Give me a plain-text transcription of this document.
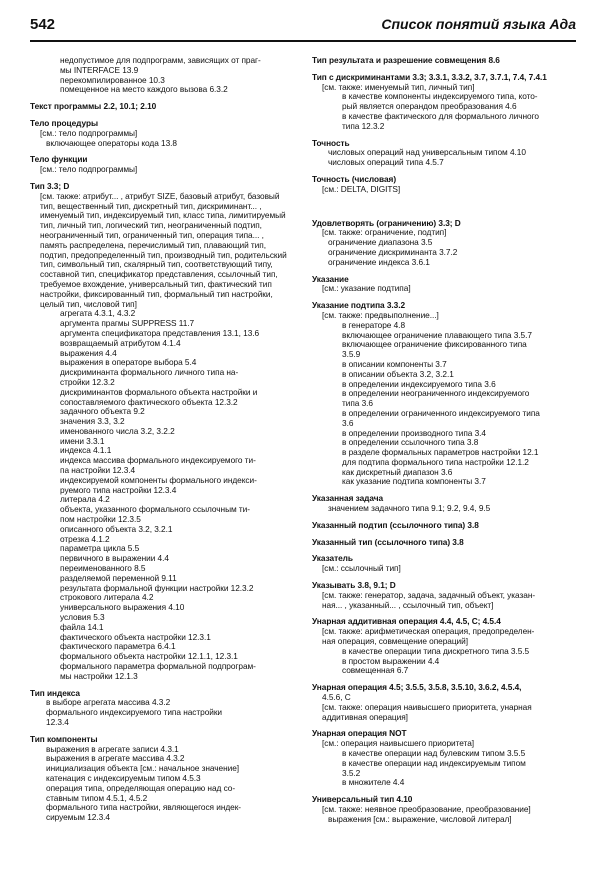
542	Список понятий языка Ада
недопустимое для подпрограмм, зависящих от праг-
мы INTERFACE 13.9
перекомпилированное 10.3
помещенное на место каждого вызова 6.3.2
Текст программы 2.2, 10.1; 2.10
Тело процедуры
[см.: тело подпрограммы]
включающее операторы кода 13.8
Тело функции
[см.: тело подпрограммы]
Тип 3.3; D
[см. также: атрибут... , атрибут SIZE, базовый атрибут, базовый тип, вещественный тип, дискретный тип, дискриминант... , именуемый тип, индексируемый тип, класс типа, лимитируемый тип, личный тип, логический тип, неограниченный подтип, неограниченный тип, ограниченный тип, операция типа... , память распределена, перечислимый тип, плавающий тип, подтип, предопределенный тип, производный тип, родительский тип, символьный тип, скалярный тип, соответствующий типу, составной тип, спецификатор представления, ссылочный тип, требуемое вхождение, универсальный тип, фактический тип настройки, фиксированный тип, формальный тип настройки, целый тип, числовой тип]
агрегата 4.3.1, 4.3.2
аргумента прагмы SUPPRESS 11.7
аргумента спецификатора представления 13.1, 13.6
возвращаемый атрибутом 4.1.4
выражения 4.4
выражения в операторе выбора 5.4
дискриминанта формального личного типа на-
стройки 12.3.2
дискриминантов формального объекта настройки и
сопоставляемого фактического объекта 12.3.2
задачного объекта 9.2
значения 3.3, 3.2
именованного числа 3.2, 3.2.2
имени 3.3.1
индекса 4.1.1
индекса массива формального индексируемого ти-
па настройки 12.3.4
индексируемой компоненты формального индекси-
руемого типа настройки 12.3.4
литерала 4.2
объекта, указанного формального ссылочным ти-
пом настройки 12.3.5
описанного объекта 3.2, 3.2.1
отрезка 4.1.2
параметра цикла 5.5
первичного в выражении 4.4
переименованного 8.5
разделяемой переменной 9.11
результата формальной функции настройки 12.3.2
строкового литерала 4.2
универсального выражения 4.10
условия 5.3
файла 14.1
фактического объекта настройки 12.3.1
фактического параметра 6.4.1
формального объекта настройки 12.1.1, 12.3.1
формального параметра формальной подпрограм-
мы настройки 12.1.3
Тип индекса
в выборе агрегата массива 4.3.2
формального индексируемого типа настройки
12.3.4
Тип компоненты
выражения в агрегате записи 4.3.1
выражения в агрегате массива 4.3.2
инициализация объекта [см.: начальное значение]
катенация с индексируемым типом 4.5.3
операция типа, определяющая операцию над со-
ставным типом 4.5.1, 4.5.2
формального типа настройки, являющегося индек-
сируемым 12.3.4
Тип результата и разрешение совмещения 8.6
Тип с дискриминантами 3.3; 3.3.1, 3.3.2, 3.7, 3.7.1, 7.4, 7.4.1
[см. также: именуемый тип, личный тип]
в качестве компоненты индексируемого типа, кото-
рый является операндом преобразования 4.6
в качестве фактического для формального личного
типа 12.3.2
Точность
числовых операций над универсальным типом 4.10
числовых операций типа 4.5.7
Точность (числовая)
[см.: DELTA, DIGITS]
Удовлетворять (ограничению) 3.3; D
[см. также: ограничение, подтип]
ограничение диапазона 3.5
ограничение дискриминанта 3.7.2
ограничение индекса 3.6.1
Указание
[см.: указание подтипа]
Указание подтипа 3.3.2
[см. также: предвыполнение...]
в генераторе 4.8
включающее ограничение плавающего типа 3.5.7
включающее ограничение фиксированного типа
3.5.9
в описании компоненты 3.7
в описании объекта 3.2, 3.2.1
в определении индексируемого типа 3.6
в определении неограниченного индексируемого
типа 3.6
в определении ограниченного индексируемого типа
3.6
в определении производного типа 3.4
в определении ссылочного типа 3.8
в разделе формальных параметров настройки 12.1
для подтипа формального типа настройки 12.1.2
как дискретный диапазон 3.6
как указание подтипа компоненты 3.7
Указанная задача
значением задачного типа 9.1; 9.2, 9.4, 9.5
Указанный подтип (ссылочного типа) 3.8
Указанный тип (ссылочного типа) 3.8
Указатель
[см.: ссылочный тип]
Указывать 3.8, 9.1; D
[см. также: генератор, задача, задачный объект, указан-
ная... , указанный... , ссылочный тип, объект]
Унарная аддитивная операция 4.4, 4.5, С; 4.5.4
[см. также: арифметическая операция, предопределен-
ная операция, совмещение операций]
в качестве операции типа дискретного типа 3.5.5
в простом выражении 4.4
совмещенная 6.7
Унарная операция 4.5; 3.5.5, 3.5.8, 3.5.10, 3.6.2, 4.5.4,
4.5.6, С
[см. также: операция наивысшего приоритета, унарная
аддитивная операция]
Унарная операция NOT
[см.: операция наивысшего приоритета]
в качестве операции над булевским типом 3.5.5
в качестве операции над индексируемым типом
3.5.2
в множителе 4.4
Универсальный тип 4.10
[см. также: неявное преобразование, преобразование]
выражения [см.: выражение, числовой литерал]
